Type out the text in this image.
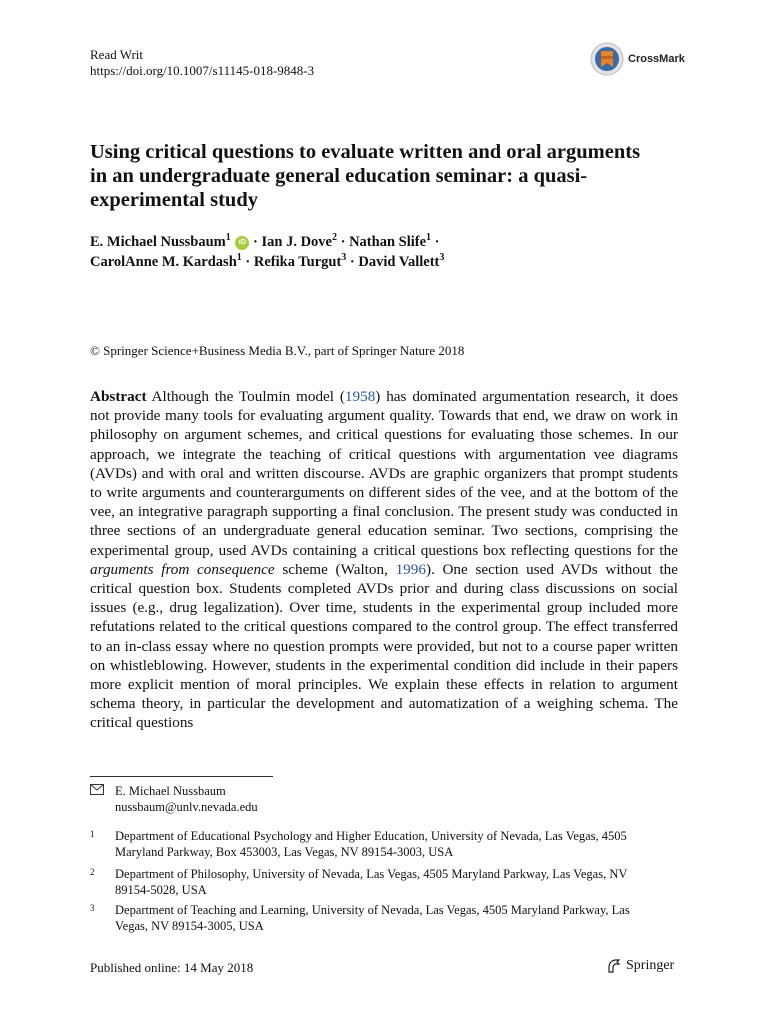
Read Writ
https://doi.org/10.1007/s11145-018-9848-3
CrossMark
Using critical questions to evaluate written and oral arguments in an undergraduate general education seminar: a quasi-experimental study
E. Michael Nussbaum$^1$ iD · Ian J. Dove$^2$ · Nathan Slife$^1$ ·
CarolAnne M. Kardash$^1$ · Refika Turgut$^3$ · David Vallett$^3$
© Springer Science+Business Media B.V., part of Springer Nature 2018
Abstract Although the Toulmin model (1958) has dominated argumentation research, it does not provide many tools for evaluating argument quality. Towards that end, we draw on work in philosophy on argument schemes, and critical questions for evaluating those schemes. In our approach, we integrate the teaching of critical questions with argumentation vee diagrams (AVDs) and with oral and written discourse. AVDs are graphic organizers that prompt students to write arguments and counterarguments on different sides of the vee, and at the bottom of the vee, an integrative paragraph supporting a final conclusion. The present study was conducted in three sections of an undergraduate general education seminar. Two sections, comprising the experimental group, used AVDs containing a critical questions box reflecting questions for the arguments from consequence scheme (Walton, 1996). One section used AVDs without the critical question box. Students completed AVDs prior and during class discussions on social issues (e.g., drug legalization). Over time, students in the experimental group included more refutations related to the critical questions compared to the control group. The effect transferred to an in-class essay where no question prompts were provided, but not to a course paper written on whistleblowing. However, students in the experimental condition did include in their papers more explicit mention of moral principles. We explain these effects in relation to argument schema theory, in particular the development and automatization of a weighing schema. The critical questions
E. Michael Nussbaum
nussbaum@unlv.nevada.edu
1 Department of Educational Psychology and Higher Education, University of Nevada, Las Vegas, 4505 Maryland Parkway, Box 453003, Las Vegas, NV 89154-3003, USA
2 Department of Philosophy, University of Nevada, Las Vegas, 4505 Maryland Parkway, Las Vegas, NV 89154-5028, USA
3 Department of Teaching and Learning, University of Nevada, Las Vegas, 4505 Maryland Parkway, Las Vegas, NV 89154-3005, USA
Published online: 14 May 2018	Springer
